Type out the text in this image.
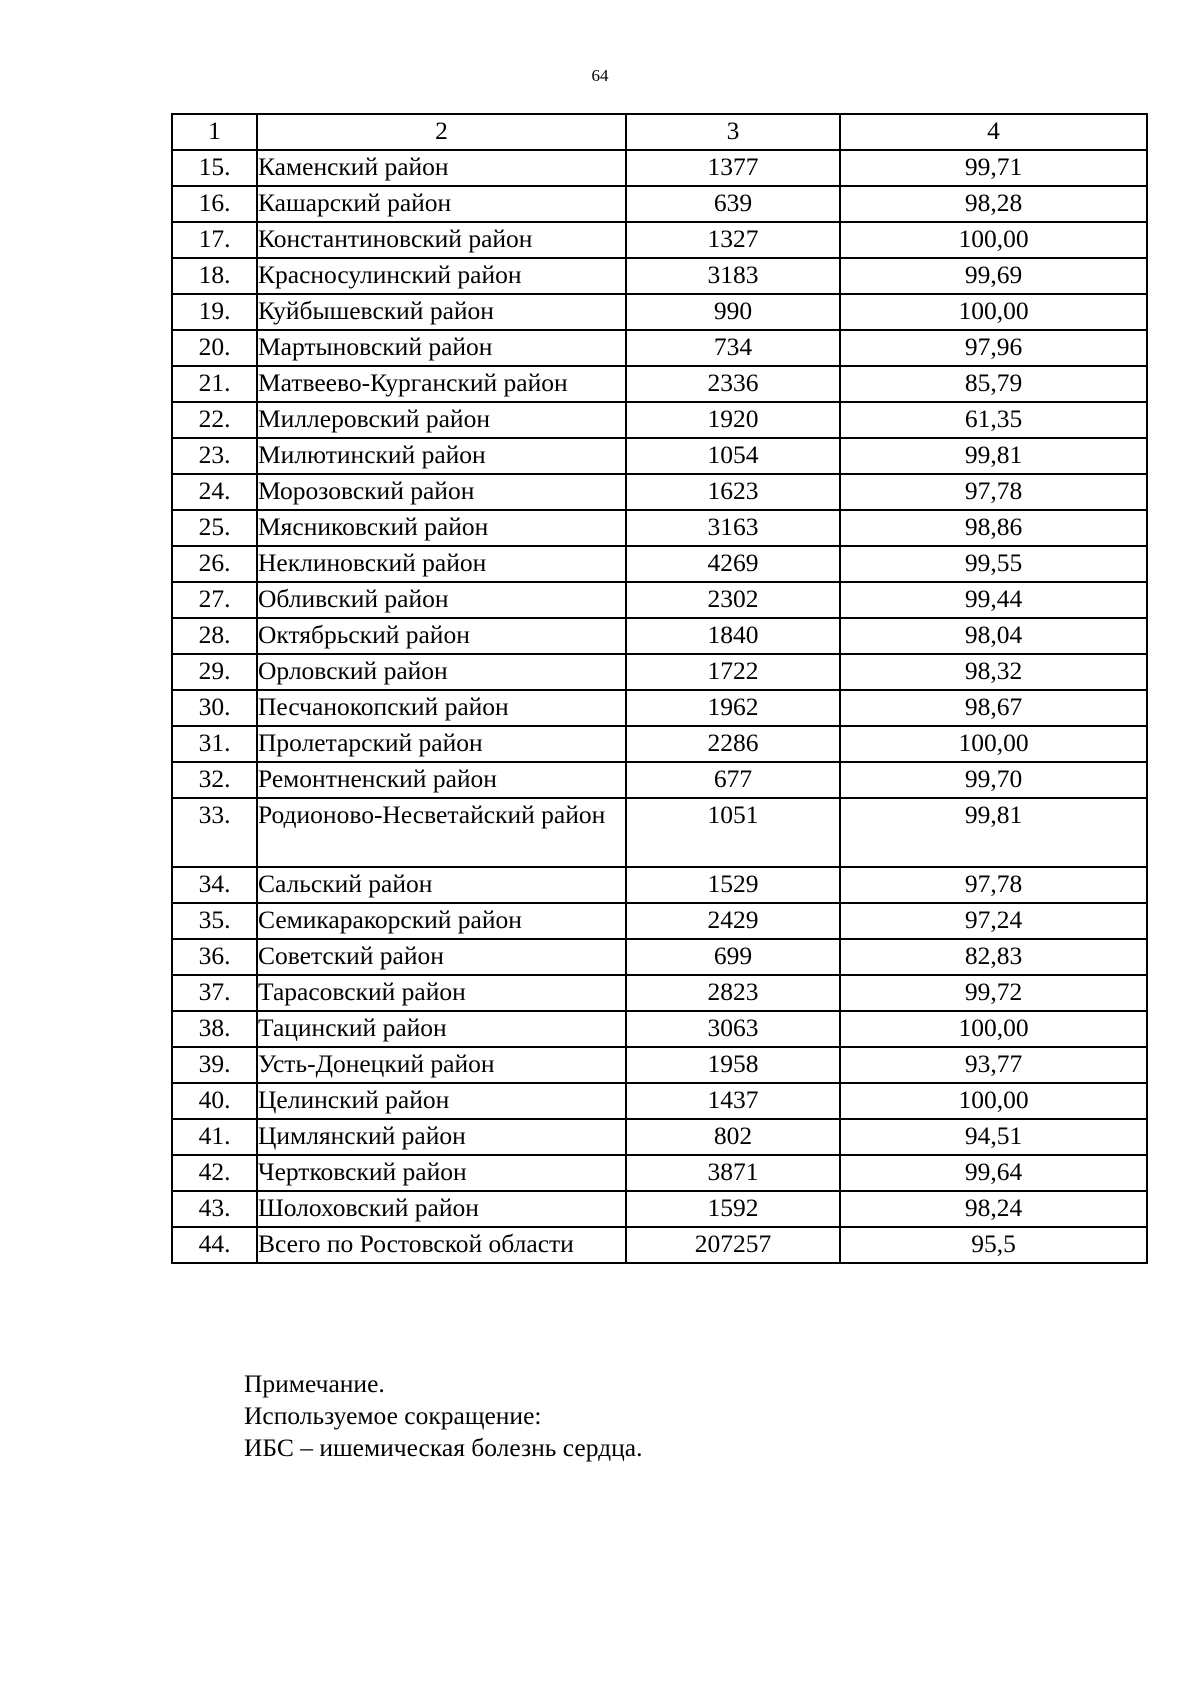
64
1	2	3	4
15.	Каменский район	1377	99,71
16.	Кашарский район	639	98,28
17.	Константиновский район	1327	100,00
18.	Красносулинский район	3183	99,69
19.	Куйбышевский район	990	100,00
20.	Мартыновский район	734	97,96
21.	Матвеево-Курганский район	2336	85,79
22.	Миллеровский район	1920	61,35
23.	Милютинский район	1054	99,81
24.	Морозовский район	1623	97,78
25.	Мясниковский район	3163	98,86
26.	Неклиновский район	4269	99,55
27.	Обливский район	2302	99,44
28.	Октябрьский район	1840	98,04
29.	Орловский район	1722	98,32
30.	Песчанокопский район	1962	98,67
31.	Пролетарский район	2286	100,00
32.	Ремонтненский район	677	99,70
33.	Родионово-Несветайский район	1051	99,81
34.	Сальский район	1529	97,78
35.	Семикаракорский район	2429	97,24
36.	Советский район	699	82,83
37.	Тарасовский район	2823	99,72
38.	Тацинский район	3063	100,00
39.	Усть-Донецкий район	1958	93,77
40.	Целинский район	1437	100,00
41.	Цимлянский район	802	94,51
42.	Чертковский район	3871	99,64
43.	Шолоховский район	1592	98,24
44.	Всего по Ростовской области	207257	95,5
Примечание.
Используемое сокращение:
ИБС – ишемическая болезнь сердца.
